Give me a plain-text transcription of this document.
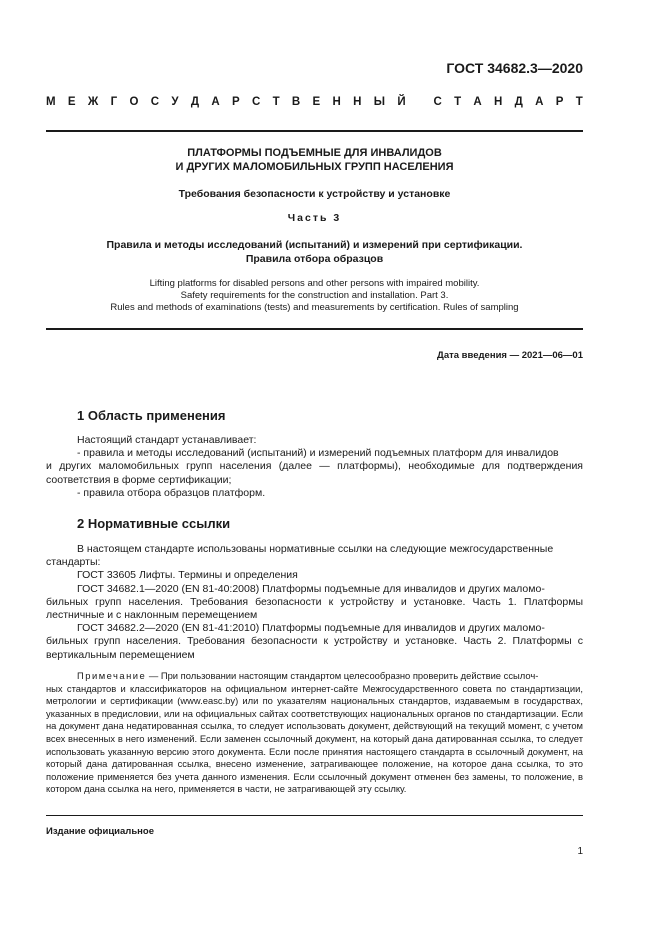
ГОСТ 34682.3—2020
М Е Ж Г О С У Д А Р С Т В Е Н Н Ы Й
С Т А Н Д А Р Т
ПЛАТФОРМЫ ПОДЪЕМНЫЕ ДЛЯ ИНВАЛИДОВ
И ДРУГИХ МАЛОМОБИЛЬНЫХ ГРУПП НАСЕЛЕНИЯ
Требования безопасности к устройству и установке
Часть 3
Правила и методы исследований (испытаний) и измерений при сертификации.
Правила отбора образцов
Lifting platforms for disabled persons and other persons with impaired mobility.
Safety requirements for the construction and installation. Part 3.
Rules and methods of examinations (tests) and measurements by certification. Rules of sampling
Дата введения — 2021—06—01
1 Область применения

Настоящий стандарт устанавливает:

- правила и методы исследований (испытаний) и измерений подъемных платформ для инвалидов

и других маломобильных групп населения (далее — платформы), необходимые для подтверждения соответствия в форме сертификации;

- правила отбора образцов платформ.

2 Нормативные ссылки

В настоящем стандарте использованы нормативные ссылки на следующие межгосударственные

стандарты:

ГОСТ 33605 Лифты. Термины и определения

ГОСТ 34682.1—2020 (EN 81-40:2008) Платформы подъемные для инвалидов и других маломо-

бильных групп населения. Требования безопасности к устройству и установке. Часть 1. Платформы лестничные и с наклонным перемещением

ГОСТ 34682.2—2020 (EN 81-41:2010) Платформы подъемные для инвалидов и других маломо-

бильных групп населения. Требования безопасности к устройству и установке. Часть 2. Платформы с вертикальным перемещением

Примечание — При пользовании настоящим стандартом целесообразно проверить действие ссылоч-

ных стандартов и классификаторов на официальном интернет-сайте Межгосударственного совета по стандартизации, метрологии и сертификации (www.easc.by) или по указателям национальных стандартов, издаваемым в государствах, указанных в предисловии, или на официальных сайтах соответствующих национальных органов по стандартизации. Если на документ дана недатированная ссылка, то следует использовать документ, действующий на текущий момент, с учетом всех внесенных в него изменений. Если заменен ссылочный документ, на который дана датированная ссылка, то следует использовать указанную версию этого документа. Если после принятия настоящего стандарта в ссылочный документ, на который дана датированная ссылка, внесено изменение, затрагивающее положение, на которое дана ссылка, то это положение применяется без учета данного изменения. Если ссылочный документ отменен без замены, то положение, в котором дана ссылка на него, применяется в части, не затрагивающей эту ссылку.

Издание официальное
1
